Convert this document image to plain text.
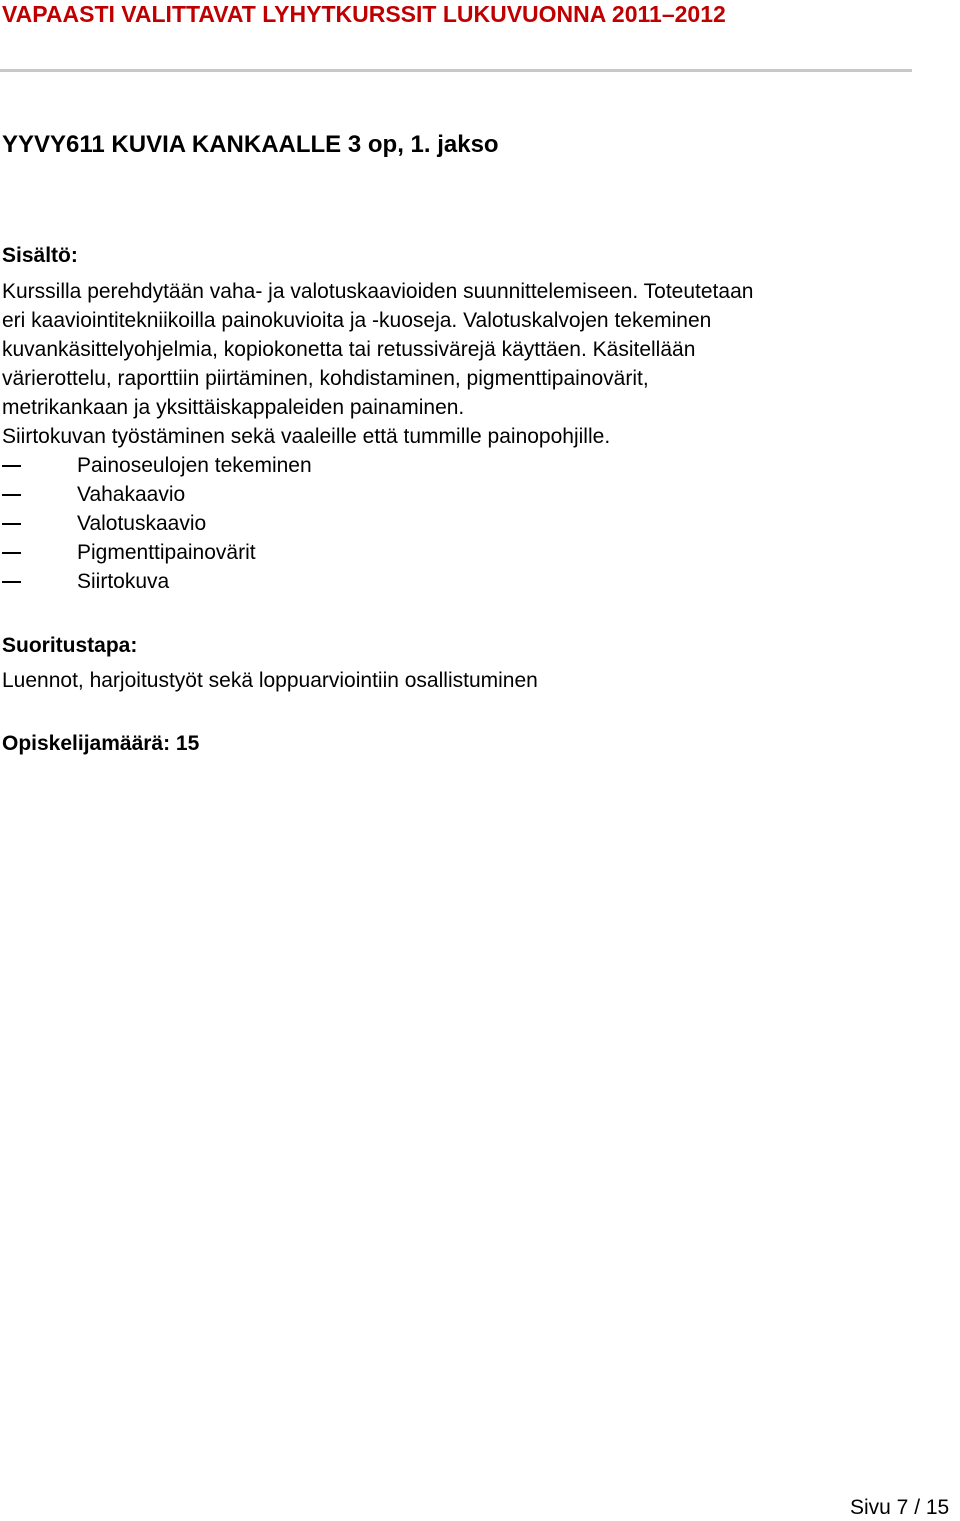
VAPAASTI VALITTAVAT LYHYTKURSSIT LUKUVUONNA 2011–2012
YYVY611 KUVIA KANKAALLE 3 op, 1. jakso
Sisältö:
Kurssilla perehdytään vaha- ja valotuskaavioiden suunnittelemiseen. Toteutetaan
eri kaaviointitekniikoilla painokuvioita ja -kuoseja. Valotuskalvojen tekeminen
kuvankäsittelyohjelmia, kopiokonetta tai retussivärejä käyttäen. Käsitellään
värierottelu, raporttiin piirtäminen, kohdistaminen, pigmenttipainovärit,
metrikankaan ja yksittäiskappaleiden painaminen.
Siirtokuvan työstäminen sekä vaaleille että tummille painopohjille.
Painoseulojen tekeminen
Vahakaavio
Valotuskaavio
Pigmenttipainovärit
Siirtokuva
Suoritustapa:
Luennot, harjoitustyöt sekä loppuarviointiin osallistuminen
Opiskelijamäärä: 15
Sivu 7 / 15
